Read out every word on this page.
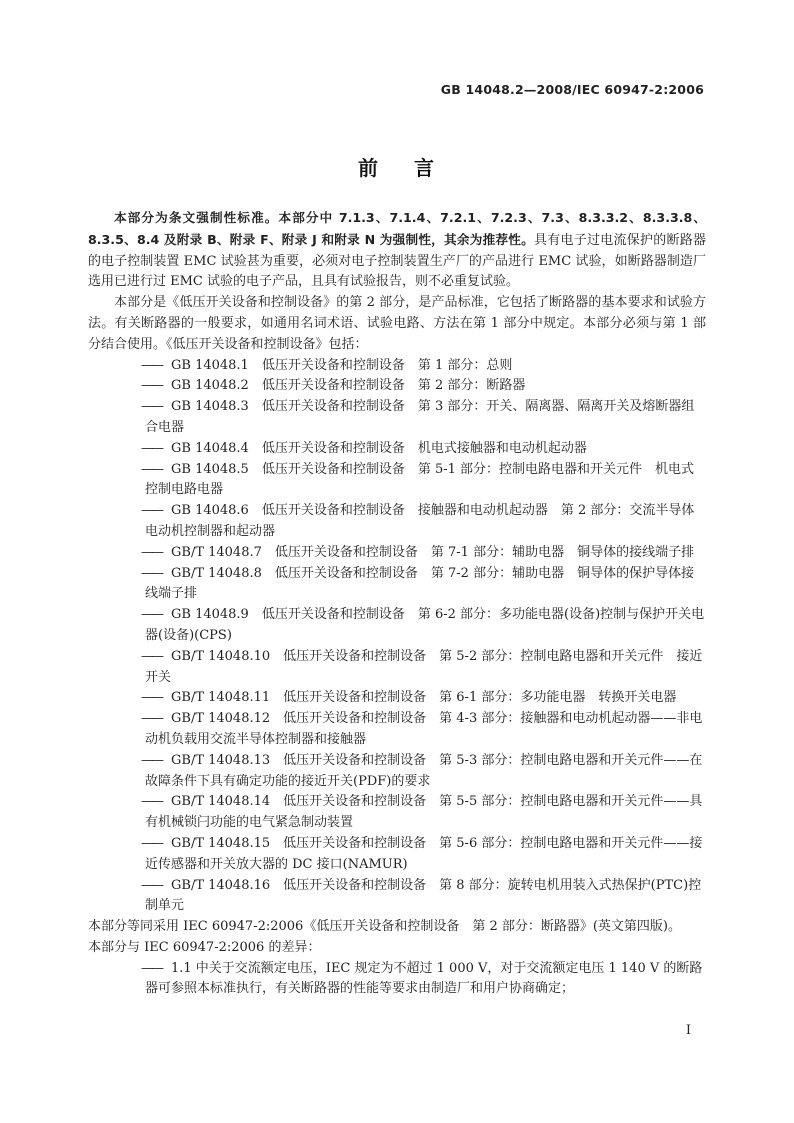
GB 14048.2—2008/IEC 60947-2:2006
前 言

本部分为条文强制性标准。本部分中 7.1.3、7.1.4、7.2.1、7.2.3、7.3、8.3.3.2、8.3.3.8、8.3.5、8.4 及附录 B、附录 F、附录 J 和附录 N 为强制性，其余为推荐性。具有电子过电流保护的断路器的电子控制装置 EMC 试验甚为重要，必须对电子控制装置生产厂的产品进行 EMC 试验，如断路器制造厂选用已进行过 EMC 试验的电子产品，且具有试验报告，则不必重复试验。

本部分是《低压开关设备和控制设备》的第 2 部分，是产品标准，它包括了断路器的基本要求和试验方法。有关断路器的一般要求，如通用名词术语、试验电路、方法在第 1 部分中规定。本部分必须与第 1 部分结合使用。《低压开关设备和控制设备》包括：

——
GB 14048.1　低压开关设备和控制设备　第 1 部分：总则

——
GB 14048.2　低压开关设备和控制设备　第 2 部分：断路器

——
GB 14048.3　低压开关设备和控制设备　第 3 部分：开关、隔离器、隔离开关及熔断器组合电器

——
GB 14048.4　低压开关设备和控制设备　机电式接触器和电动机起动器

——
GB 14048.5　低压开关设备和控制设备　第 5-1 部分：控制电路电器和开关元件　机电式控制电路电器

——
GB 14048.6　低压开关设备和控制设备　接触器和电动机起动器　第 2 部分：交流半导体电动机控制器和起动器

——
GB/T 14048.7　低压开关设备和控制设备　第 7-1 部分：辅助电器　铜导体的接线端子排

——
GB/T 14048.8　低压开关设备和控制设备　第 7-2 部分：辅助电器　铜导体的保护导体接线端子排

——
GB 14048.9　低压开关设备和控制设备　第 6-2 部分：多功能电器(设备)控制与保护开关电器(设备)(CPS)

——
GB/T 14048.10　低压开关设备和控制设备　第 5-2 部分：控制电路电器和开关元件　接近开关

——
GB/T 14048.11　低压开关设备和控制设备　第 6-1 部分：多功能电器　转换开关电器

——
GB/T 14048.12　低压开关设备和控制设备　第 4-3 部分：接触器和电动机起动器——非电动机负载用交流半导体控制器和接触器

——
GB/T 14048.13　低压开关设备和控制设备　第 5-3 部分：控制电路电器和开关元件——在故障条件下具有确定功能的接近开关(PDF)的要求

——
GB/T 14048.14　低压开关设备和控制设备　第 5-5 部分：控制电路电器和开关元件——具有机械锁闩功能的电气紧急制动装置

——
GB/T 14048.15　低压开关设备和控制设备　第 5-6 部分：控制电路电器和开关元件——接近传感器和开关放大器的 DC 接口(NAMUR)

——
GB/T 14048.16　低压开关设备和控制设备　第 8 部分：旋转电机用装入式热保护(PTC)控制单元

本部分等同采用 IEC 60947-2:2006《低压开关设备和控制设备　第 2 部分：断路器》(英文第四版)。

本部分与 IEC 60947-2:2006 的差异：

——
1.1 中关于交流额定电压，IEC 规定为不超过 1 000 V，对于交流额定电压 1 140 V 的断路器可参照本标准执行，有关断路器的性能等要求由制造厂和用户协商确定；

I
